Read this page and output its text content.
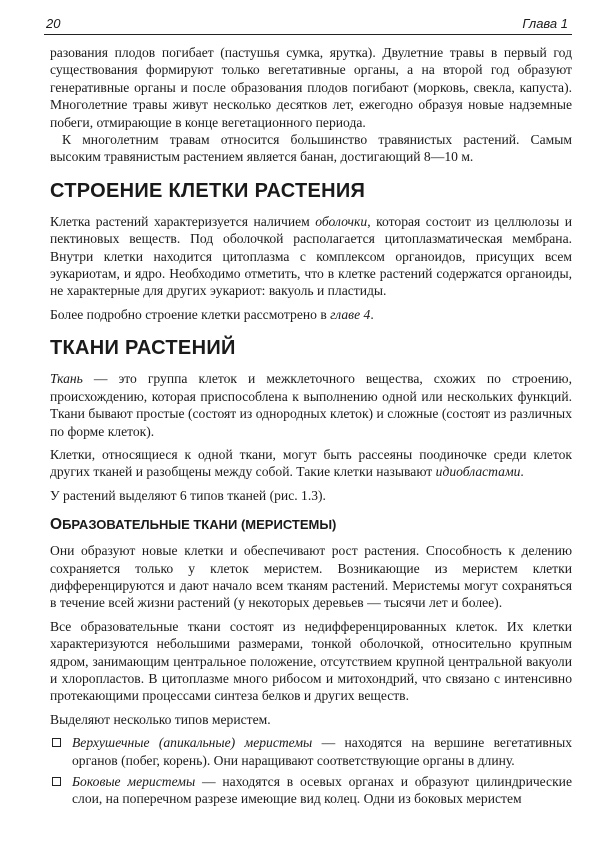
20	Глава 1

разования плодов погибает (пастушья сумка, ярутка). Двулетние травы в первый год существования формируют только вегетативные органы, а на второй год образуют генеративные органы и после образования плодов погибают (морковь, свекла, капуста). Многолетние травы живут несколько десятков лет, ежегодно образуя новые надземные побеги, отмирающие в конце вегетационного периода.

К многолетним травам относится большинство травянистых растений. Самым высоким травянистым растением является банан, достигающий 8—10 м.

СТРОЕНИЕ КЛЕТКИ РАСТЕНИЯ

Клетка растений характеризуется наличием оболочки, которая состоит из целлюлозы и пектиновых веществ. Под оболочкой располагается цитоплазматическая мембрана. Внутри клетки находится цитоплазма с комплексом органоидов, присущих всем эукариотам, и ядро. Необходимо отметить, что в клетке растений содержатся органоиды, не характерные для других эукариот: вакуоль и пластиды.

Более подробно строение клетки рассмотрено в главе 4.

ТКАНИ РАСТЕНИЙ

Ткань — это группа клеток и межклеточного вещества, схожих по строению, происхождению, которая приспособлена к выполнению одной или нескольких функций. Ткани бывают простые (состоят из однородных клеток) и сложные (состоят из различных по форме клеток).

Клетки, относящиеся к одной ткани, могут быть рассеяны поодиночке среди клеток других тканей и разобщены между собой. Такие клетки называют идиобластами.

У растений выделяют 6 типов тканей (рис. 1.3).

ОБРАЗОВАТЕЛЬНЫЕ ТКАНИ (МЕРИСТЕМЫ)

Они образуют новые клетки и обеспечивают рост растения. Способность к делению сохраняется только у клеток меристем. Возникающие из меристем клетки дифференцируются и дают начало всем тканям растений. Меристемы могут сохраняться в течение всей жизни растений (у некоторых деревьев — тысячи лет и более).

Все образовательные ткани состоят из недифференцированных клеток. Их клетки характеризуются небольшими размерами, тонкой оболочкой, относительно крупным ядром, занимающим центральное положение, отсутствием крупной центральной вакуоли и хлоропластов. В цитоплазме много рибосом и митохондрий, что связано с интенсивно протекающими процессами синтеза белков и других веществ.

Выделяют несколько типов меристем.

Верхушечные (апикальные) меристемы — находятся на вершине вегетативных органов (побег, корень). Они наращивают соответствующие органы в длину.
Боковые меристемы — находятся в осевых органах и образуют цилиндрические слои, на поперечном разрезе имеющие вид колец. Одни из боковых меристем
